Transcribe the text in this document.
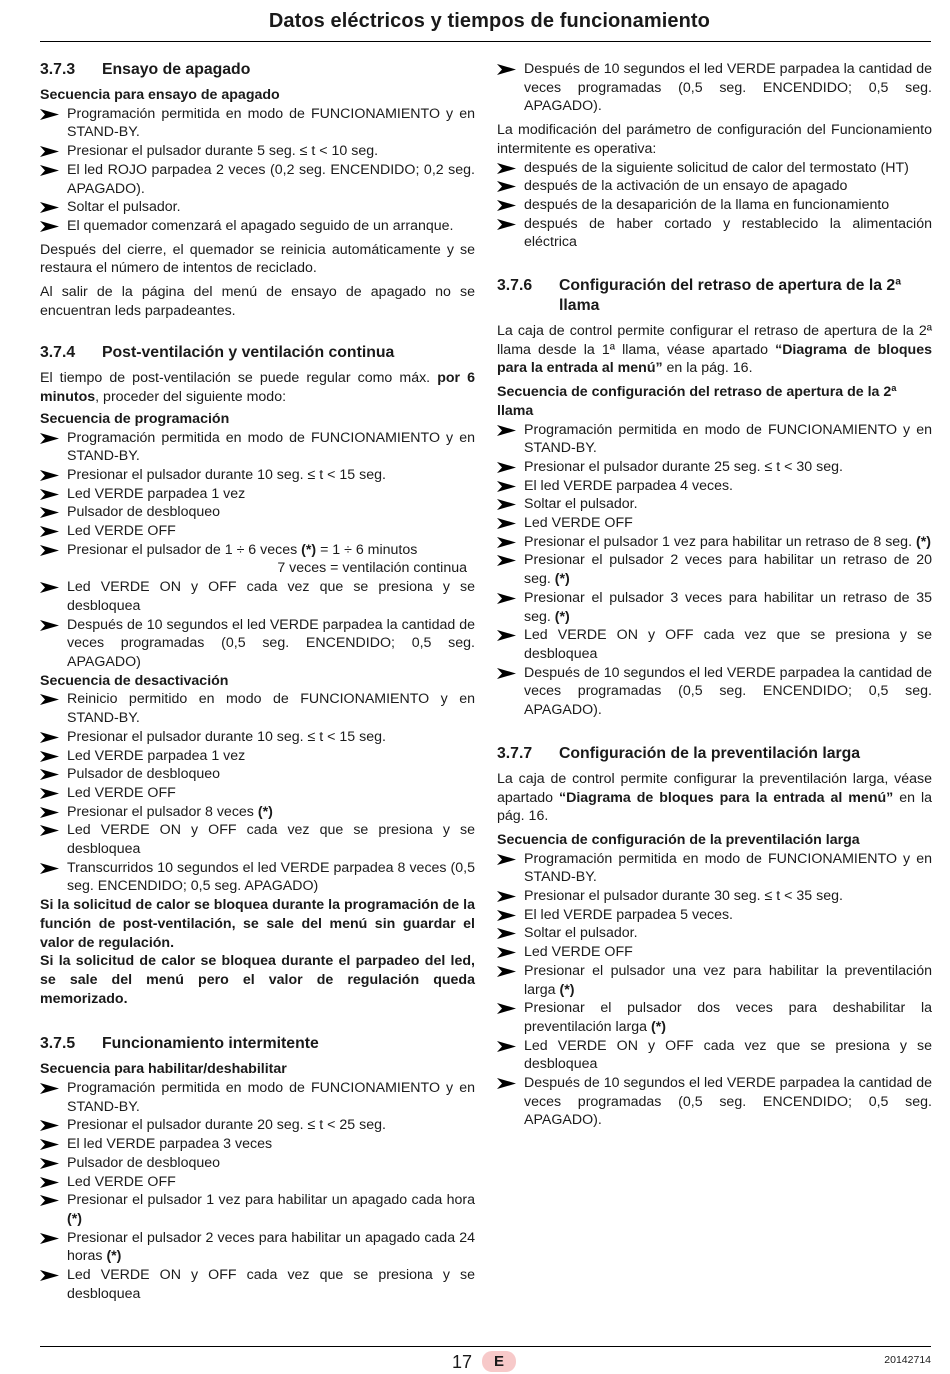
Datos eléctricos y tiempos de funcionamiento
3.7.3	Ensayo de apagado
Secuencia para ensayo de apagado
Programación permitida en modo de FUNCIONAMIENTO y en STAND-BY.
Presionar el pulsador durante 5 seg. ≤ t < 10 seg.
El led ROJO parpadea 2 veces (0,2 seg. ENCENDIDO; 0,2 seg. APAGADO).
Soltar el pulsador.
El quemador comenzará el apagado seguido de un arranque.

Después del cierre, el quemador se reinicia automáticamente y se restaura el número de intentos de reciclado.

Al salir de la página del menú de ensayo de apagado no se encuentran leds parpadeantes.

3.7.4	Post-ventilación y ventilación continua

El tiempo de post-ventilación se puede regular como máx. por 6 minutos, proceder del siguiente modo:

Secuencia de programación
Programación permitida en modo de FUNCIONAMIENTO y en STAND-BY.
Presionar el pulsador durante 10 seg. ≤ t < 15 seg.
Led VERDE parpadea 1 vez
Pulsador de desbloqueo
Led VERDE OFF
Presionar el pulsador de 1 ÷ 6 veces (*) = 1 ÷ 6 minutos
7 veces = ventilación continua
Led VERDE ON y OFF cada vez que se presiona y se desbloquea
Después de 10 segundos el led VERDE parpadea la cantidad de veces programadas (0,5 seg. ENCENDIDO; 0,5 seg. APAGADO)
Secuencia de desactivación
Reinicio permitido en modo de FUNCIONAMIENTO y en STAND-BY.
Presionar el pulsador durante 10 seg. ≤ t < 15 seg.
Led VERDE parpadea 1 vez
Pulsador de desbloqueo
Led VERDE OFF
Presionar el pulsador 8 veces (*)
Led VERDE ON y OFF cada vez que se presiona y se desbloquea
Transcurridos 10 segundos el led VERDE parpadea 8 veces (0,5 seg. ENCENDIDO; 0,5 seg. APAGADO)

Si la solicitud de calor se bloquea durante la programación de la función de post-ventilación, se sale del menú sin guardar el valor de regulación.

Si la solicitud de calor se bloquea durante el parpadeo del led, se sale del menú pero el valor de regulación queda memorizado.

3.7.5	Funcionamiento intermitente
Secuencia para habilitar/deshabilitar
Programación permitida en modo de FUNCIONAMIENTO y en STAND-BY.
Presionar el pulsador durante 20 seg. ≤ t < 25 seg.
El led VERDE parpadea 3 veces
Pulsador de desbloqueo
Led VERDE OFF
Presionar el pulsador 1 vez para habilitar un apagado cada hora (*)
Presionar el pulsador 2 veces para habilitar un apagado cada 24 horas (*)
Led VERDE ON y OFF cada vez que se presiona y se desbloquea
Después de 10 segundos el led VERDE parpadea la cantidad de veces programadas (0,5 seg. ENCENDIDO; 0,5 seg. APAGADO).

La modificación del parámetro de configuración del Funcionamiento intermitente es operativa:

después de la siguiente solicitud de calor del termostato (HT)
después de la activación de un ensayo de apagado
después de la desaparición de la llama en funcionamiento
después de haber cortado y restablecido la alimentación eléctrica
3.7.6	Configuración del retraso de apertura de la 2ª llama

La caja de control permite configurar el retraso de apertura de la 2ª llama desde la 1ª llama, véase apartado “Diagrama de bloques para la entrada al menú” en la pág. 16.

Secuencia de configuración del retraso de apertura de la 2ª llama
Programación permitida en modo de FUNCIONAMIENTO y en STAND-BY.
Presionar el pulsador durante 25 seg. ≤ t < 30 seg.
El led VERDE parpadea 4 veces.
Soltar el pulsador.
Led VERDE OFF
Presionar el pulsador 1 vez para habilitar un retraso de 8 seg. (*)
Presionar el pulsador 2 veces para habilitar un retraso de 20 seg. (*)
Presionar el pulsador 3 veces para habilitar un retraso de 35 seg. (*)
Led VERDE ON y OFF cada vez que se presiona y se desbloquea
Después de 10 segundos el led VERDE parpadea la cantidad de veces programadas (0,5 seg. ENCENDIDO; 0,5 seg. APAGADO).
3.7.7	Configuración de la preventilación larga

La caja de control permite configurar la preventilación larga, véase apartado “Diagrama de bloques para la entrada al menú” en la pág. 16.

Secuencia de configuración de la preventilación larga
Programación permitida en modo de FUNCIONAMIENTO y en STAND-BY.
Presionar el pulsador durante 30 seg. ≤ t < 35 seg.
El led VERDE parpadea 5 veces.
Soltar el pulsador.
Led VERDE OFF
Presionar el pulsador una vez para habilitar la preventilación larga (*)
Presionar el pulsador dos veces para deshabilitar la preventilación larga (*)
Led VERDE ON y OFF cada vez que se presiona y se desbloquea
Después de 10 segundos el led VERDE parpadea la cantidad de veces programadas (0,5 seg. ENCENDIDO; 0,5 seg. APAGADO).
17	E	20142714
